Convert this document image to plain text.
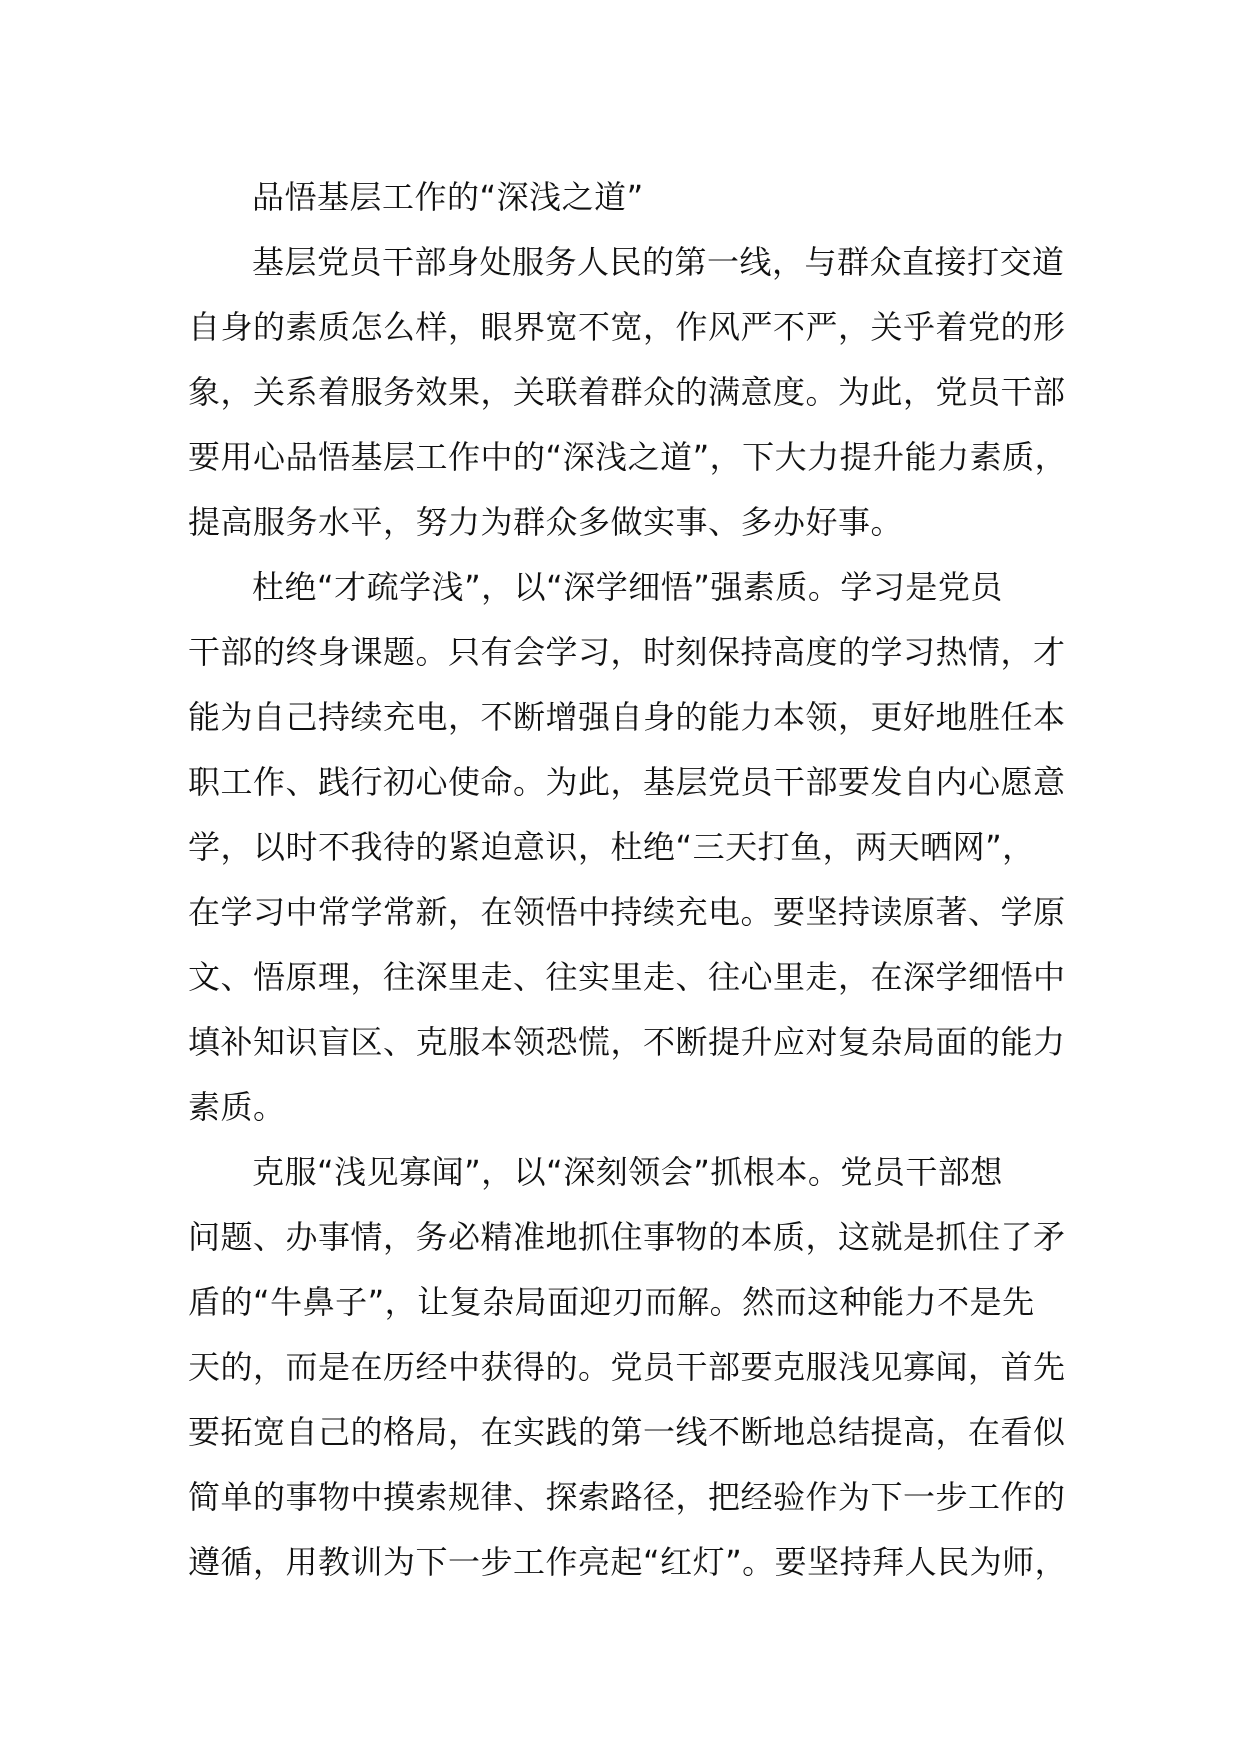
品悟基层工作的“深浅之道”
基层党员干部身处服务人民的第一线，与群众直接打交道
自身的素质怎么样，眼界宽不宽，作风严不严，关乎着党的形
象，关系着服务效果，关联着群众的满意度。为此，党员干部
要用心品悟基层工作中的“深浅之道”，下大力提升能力素质，
提高服务水平，努力为群众多做实事、多办好事。
杜绝“才疏学浅”，以“深学细悟”强素质。学习是党员
干部的终身课题。只有会学习，时刻保持高度的学习热情，才
能为自己持续充电，不断增强自身的能力本领，更好地胜任本
职工作、践行初心使命。为此，基层党员干部要发自内心愿意
学，以时不我待的紧迫意识，杜绝“三天打鱼，两天晒网”，
在学习中常学常新，在领悟中持续充电。要坚持读原著、学原
文、悟原理，往深里走、往实里走、往心里走，在深学细悟中
填补知识盲区、克服本领恐慌，不断提升应对复杂局面的能力
素质。
克服“浅见寡闻”，以“深刻领会”抓根本。党员干部想
问题、办事情，务必精准地抓住事物的本质，这就是抓住了矛
盾的“牛鼻子”，让复杂局面迎刃而解。然而这种能力不是先
天的，而是在历经中获得的。党员干部要克服浅见寡闻，首先
要拓宽自己的格局，在实践的第一线不断地总结提高，在看似
简单的事物中摸索规律、探索路径，把经验作为下一步工作的
遵循，用教训为下一步工作亮起“红灯”。要坚持拜人民为师，
